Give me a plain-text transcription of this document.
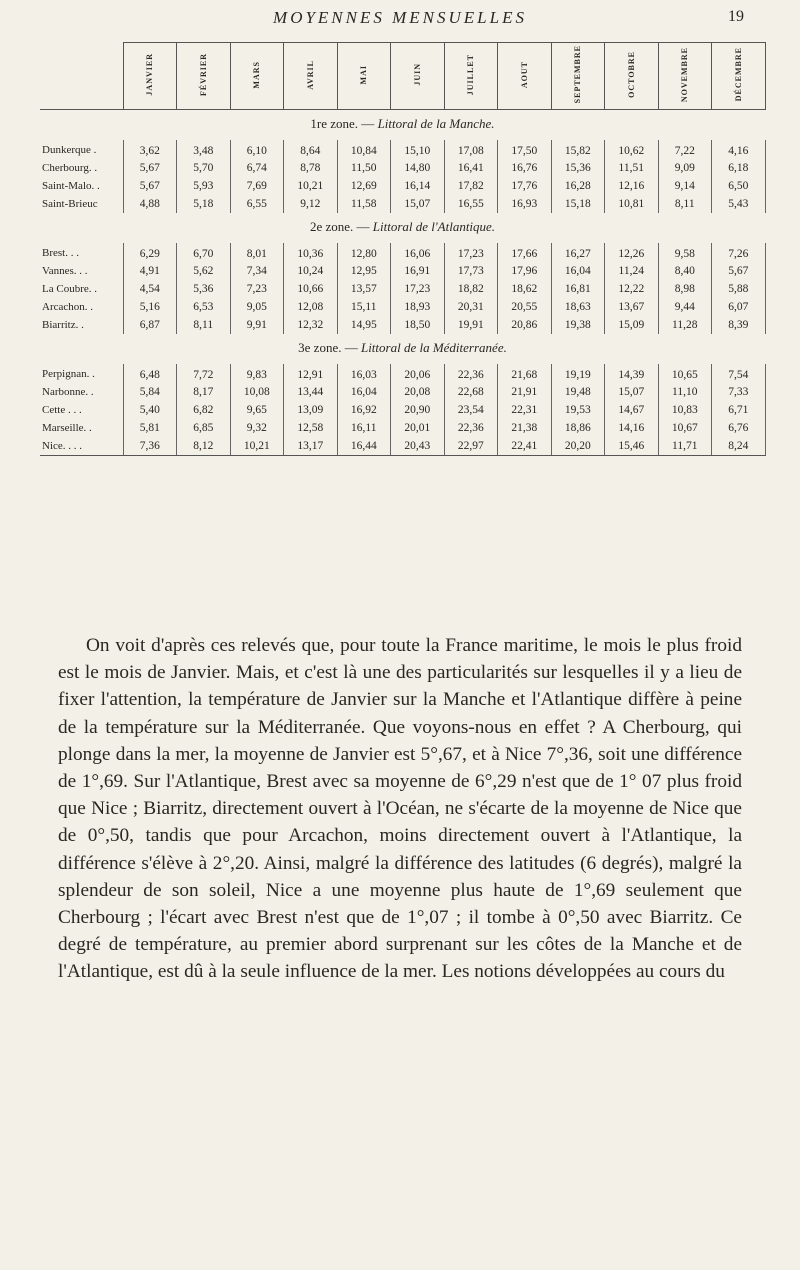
MOYENNES MENSUELLES	19
	JANVIER	FÉVRIER	MARS	AVRIL	MAI	JUIN	JUILLET	AOUT	SEPTEMBRE	OCTOBRE	NOVEMBRE	DÉCEMBRE
1re zone. — Littoral de la Manche.												
Dunkerque .	3,62	3,48	6,10	8,64	10,84	15,10	17,08	17,50	15,82	10,62	7,22	4,16
Cherbourg. .	5,67	5,70	6,74	8,78	11,50	14,80	16,41	16,76	15,36	11,51	9,09	6,18
Saint-Malo. .	5,67	5,93	7,69	10,21	12,69	16,14	17,82	17,76	16,28	12,16	9,14	6,50
Saint-Brieuc	4,88	5,18	6,55	9,12	11,58	15,07	16,55	16,93	15,18	10,81	8,11	5,43
2e zone. — Littoral de l'Atlantique.												
Brest. . .	6,29	6,70	8,01	10,36	12,80	16,06	17,23	17,66	16,27	12,26	9,58	7,26
Vannes. . .	4,91	5,62	7,34	10,24	12,95	16,91	17,73	17,96	16,04	11,24	8,40	5,67
La Coubre. .	4,54	5,36	7,23	10,66	13,57	17,23	18,82	18,62	16,81	12,22	8,98	5,88
Arcachon. .	5,16	6,53	9,05	12,08	15,11	18,93	20,31	20,55	18,63	13,67	9,44	6,07
Biarritz. .	6,87	8,11	9,91	12,32	14,95	18,50	19,91	20,86	19,38	15,09	11,28	8,39
3e zone. — Littoral de la Méditerranée.												
Perpignan. .	6,48	7,72	9,83	12,91	16,03	20,06	22,36	21,68	19,19	14,39	10,65	7,54
Narbonne. .	5,84	8,17	10,08	13,44	16,04	20,08	22,68	21,91	19,48	15,07	11,10	7,33
Cette . . .	5,40	6,82	9,65	13,09	16,92	20,90	23,54	22,31	19,53	14,67	10,83	6,71
Marseille. .	5,81	6,85	9,32	12,58	16,11	20,01	22,36	21,38	18,86	14,16	10,67	6,76
Nice. . . .	7,36	8,12	10,21	13,17	16,44	20,43	22,97	22,41	20,20	15,46	11,71	8,24

On voit d'après ces relevés que, pour toute la France maritime, le mois le plus froid est le mois de Janvier. Mais, et c'est là une des particularités sur lesquelles il y a lieu de fixer l'attention, la température de Janvier sur la Manche et l'Atlantique diffère à peine de la température sur la Méditerranée. Que voyons-nous en effet ? A Cherbourg, qui plonge dans la mer, la moyenne de Janvier est 5°,67, et à Nice 7°,36, soit une différence de 1°,69. Sur l'Atlantique, Brest avec sa moyenne de 6°,29 n'est que de 1° 07 plus froid que Nice ; Biarritz, directement ouvert à l'Océan, ne s'écarte de la moyenne de Nice que de 0°,50, tandis que pour Arcachon, moins directement ouvert à l'Atlantique, la différence s'élève à 2°,20. Ainsi, malgré la différence des latitudes (6 degrés), malgré la splendeur de son soleil, Nice a une moyenne plus haute de 1°,69 seulement que Cherbourg ; l'écart avec Brest n'est que de 1°,07 ; il tombe à 0°,50 avec Biarritz. Ce degré de température, au premier abord surprenant sur les côtes de la Manche et de l'Atlantique, est dû à la seule influence de la mer. Les notions développées au cours du
